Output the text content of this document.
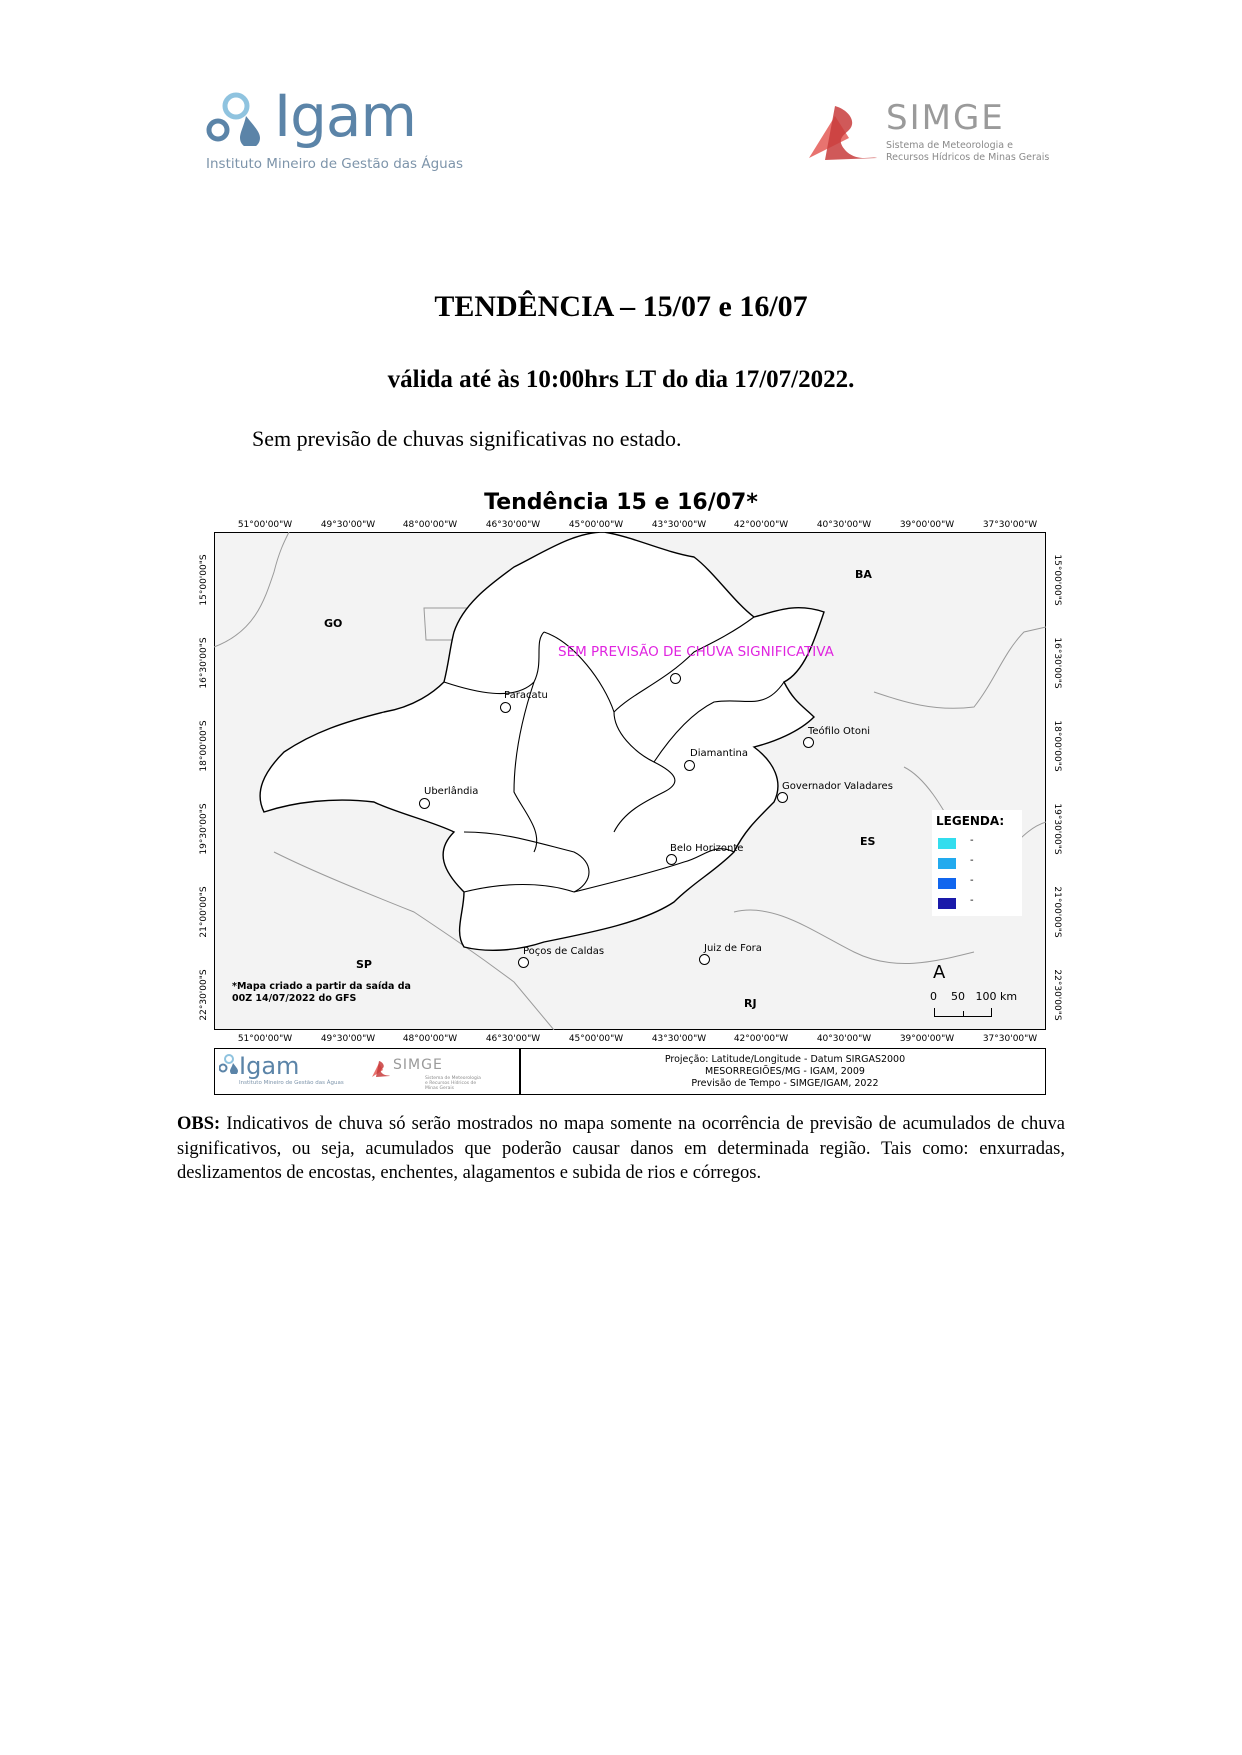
Igam
Instituto Mineiro de Gestão das Águas
SIMGE
Sistema de Meteorologia e Recursos Hídricos de Minas Gerais
TENDÊNCIA – 15/07 e 16/07
válida até às 10:00hrs LT do dia 17/07/2022.
Sem previsão de chuvas significativas no estado.
Tendência 15 e 16/07*
51°00'00"W	49°30'00"W	48°00'00"W	46°30'00"W	45°00'00"W	43°30'00"W	42°00'00"W	40°30'00"W	39°00'00"W	37°30'00"W
51°00'00"W	49°30'00"W	48°00'00"W	46°30'00"W	45°00'00"W	43°30'00"W	42°00'00"W	40°30'00"W	39°00'00"W	37°30'00"W
15°00'00"S
16°30'00"S
18°00'00"S
19°30'00"S
21°00'00"S
22°30'00"S
15°00'00"S
16°30'00"S
18°00'00"S
19°30'00"S
21°00'00"S
22°30'00"S
GO
BA
ES
SP
RJ
SEM PREVISÃO DE CHUVA SIGNIFICATIVA
Paracatu
Teófilo Otoni
Diamantina
Governador Valadares
Uberlândia
Belo Horizonte
Poços de Caldas	Juiz de Fora
*Mapa criado a partir da saída da 00Z 14/07/2022 do GFS
LEGENDA:
-
-
-
-
A
0    50   100 km
Igam
Instituto Mineiro de Gestão das Águas
SIMGE
Sistema de Meteorologia e Recursos Hídricos de Minas Gerais
Projeção: Latitude/Longitude - Datum SIRGAS2000
MESORREGIÕES/MG - IGAM, 2009
Previsão de Tempo - SIMGE/IGAM, 2022
OBS: Indicativos de chuva só serão mostrados no mapa somente na ocorrência de previsão de acumulados de chuva significativos, ou seja, acumulados que poderão causar danos em determinada região. Tais como: enxurradas, deslizamentos de encostas, enchentes, alagamentos e subida de rios e córregos.
